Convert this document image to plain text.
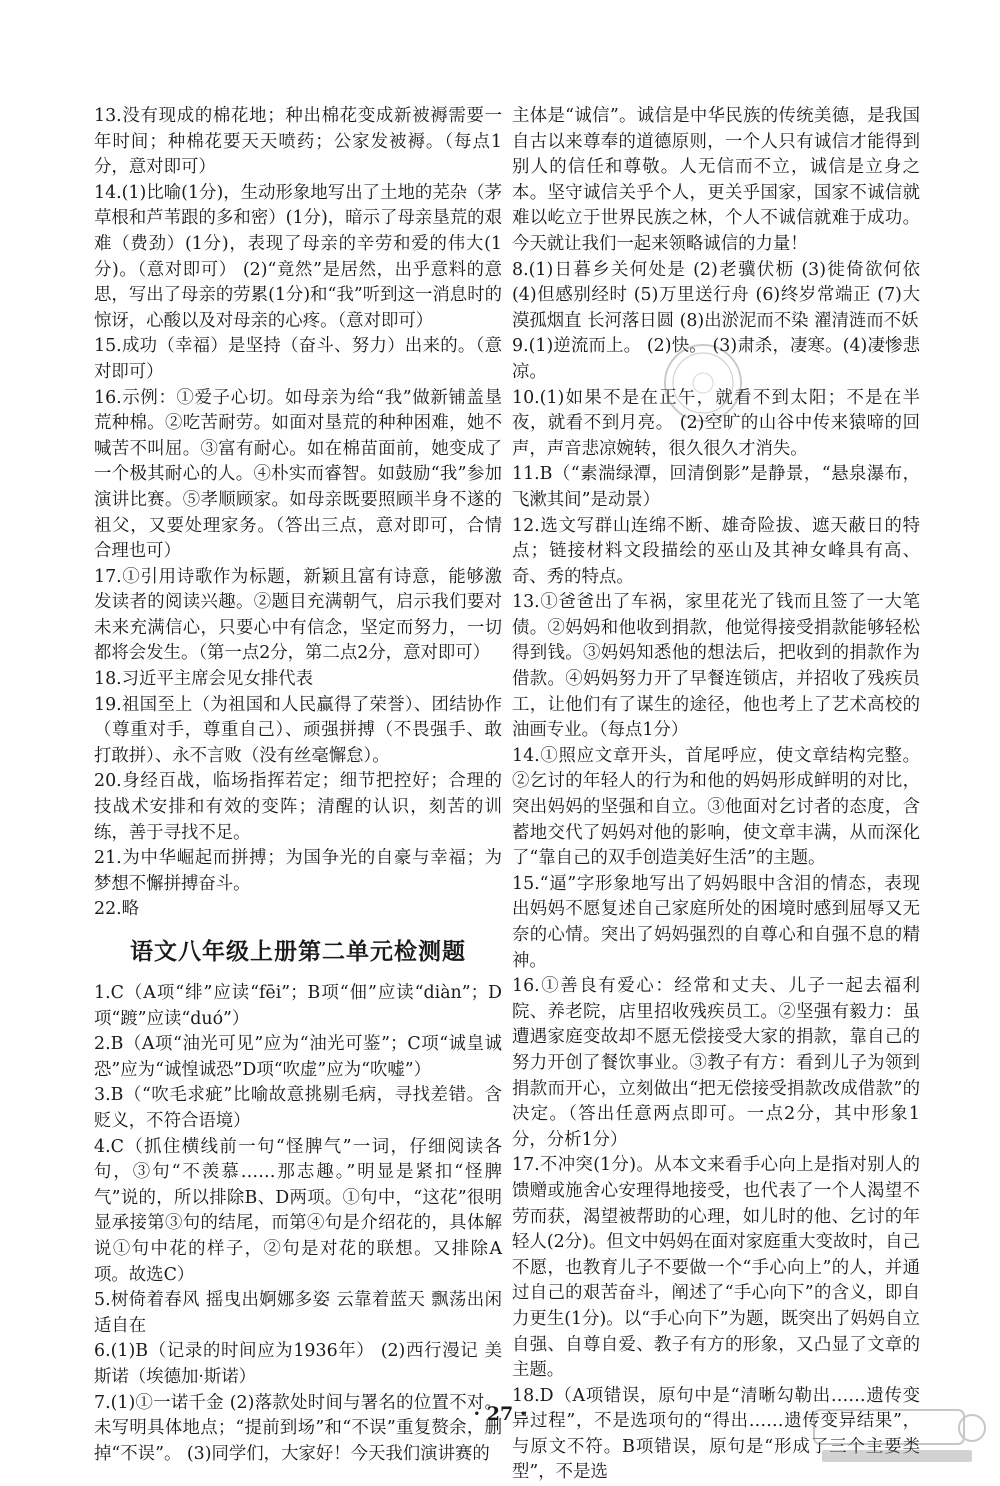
13.没有现成的棉花地；种出棉花变成新被褥需要一年时间；种棉花要天天喷药；公家发被褥。（每点1分，意对即可）

14.(1)比喻(1分)，生动形象地写出了土地的芜杂（茅草根和芦苇跟的多和密）(1分)，暗示了母亲垦荒的艰难（费劲）(1分)，表现了母亲的辛劳和爱的伟大(1分)。（意对即可） (2)“竟然”是居然，出乎意料的意思，写出了母亲的劳累(1分)和“我”听到这一消息时的惊讶，心酸以及对母亲的心疼。（意对即可）

15.成功（幸福）是坚持（奋斗、努力）出来的。（意对即可）

16.示例：①爱子心切。如母亲为给“我”做新铺盖垦荒种棉。②吃苦耐劳。如面对垦荒的种种困难，她不喊苦不叫屈。③富有耐心。如在棉苗面前，她变成了一个极其耐心的人。④朴实而睿智。如鼓励“我”参加演讲比赛。⑤孝顺顾家。如母亲既要照顾半身不遂的祖父，又要处理家务。（答出三点，意对即可，合情合理也可）

17.①引用诗歌作为标题，新颖且富有诗意，能够激发读者的阅读兴趣。②题目充满朝气，启示我们要对未来充满信心，只要心中有信念，坚定而努力，一切都将会发生。（第一点2分，第二点2分，意对即可）

18.习近平主席会见女排代表

19.祖国至上（为祖国和人民赢得了荣誉）、团结协作（尊重对手，尊重自己）、顽强拼搏（不畏强手、敢打敢拼）、永不言败（没有丝毫懈怠）。

20.身经百战，临场指挥若定；细节把控好；合理的技战术安排和有效的变阵；清醒的认识，刻苦的训练，善于寻找不足。

21.为中华崛起而拼搏；为国争光的自豪与幸福；为梦想不懈拼搏奋斗。

22.略

语文八年级上册第二单元检测题

1.C（A项“绯”应读“fēi”；B项“佃”应读“diàn”；D项“踱”应读“duó”）

2.B（A项“油光可见”应为“油光可鉴”；C项“诚皇诚恐”应为“诚惶诚恐”D项“吹虚”应为“吹嘘”）

3.B（“吹毛求疵”比喻故意挑剔毛病，寻找差错。含贬义，不符合语境）

4.C（抓住横线前一句“怪脾气”一词，仔细阅读各句，③句“不羡慕……那志趣。”明显是紧扣“怪脾气”说的，所以排除B、D两项。①句中，“这花”很明显承接第③句的结尾，而第④句是介绍花的，具体解说①句中花的样子，②句是对花的联想。又排除A项。故选C）

5.树倚着春风 摇曳出婀娜多姿 云靠着蓝天 飘荡出闲适自在

6.(1)B（记录的时间应为1936年） (2)西行漫记 美斯诺（埃德加·斯诺）

7.(1)①一诺千金 (2)落款处时间与署名的位置不对。未写明具体地点；“提前到场”和“不误”重复赘余，删掉“不误”。 (3)同学们，大家好！今天我们演讲赛的

主体是“诚信”。诚信是中华民族的传统美德，是我国自古以来尊奉的道德原则，一个人只有诚信才能得到别人的信任和尊敬。人无信而不立，诚信是立身之本。坚守诚信关乎个人，更关乎国家，国家不诚信就难以屹立于世界民族之林，个人不诚信就难于成功。今天就让我们一起来领略诚信的力量！

8.(1)日暮乡关何处是 (2)老骥伏枥 (3)徙倚欲何依 (4)但感别经时 (5)万里送行舟 (6)终岁常端正 (7)大漠孤烟直 长河落日圆 (8)出淤泥而不染 濯清涟而不妖

9.(1)逆流而上。 (2)快。 (3)肃杀，凄寒。(4)凄惨悲凉。

10.(1)如果不是在正午，就看不到太阳；不是在半夜，就看不到月亮。 (2)空旷的山谷中传来猿啼的回声，声音悲凉婉转，很久很久才消失。

11.B（“素湍绿潭，回清倒影”是静景，“悬泉瀑布，飞漱其间”是动景）

12.选文写群山连绵不断、雄奇险拔、遮天蔽日的特点；链接材料文段描绘的巫山及其神女峰具有高、奇、秀的特点。

13.①爸爸出了车祸，家里花光了钱而且签了一大笔债。②妈妈和他收到捐款，他觉得接受捐款能够轻松得到钱。③妈妈知悉他的想法后，把收到的捐款作为借款。④妈妈努力开了早餐连锁店，并招收了残疾员工，让他们有了谋生的途径，他也考上了艺术高校的油画专业。（每点1分）

14.①照应文章开头，首尾呼应，使文章结构完整。②乞讨的年轻人的行为和他的妈妈形成鲜明的对比，突出妈妈的坚强和自立。③他面对乞讨者的态度，含蓄地交代了妈妈对他的影响，使文章丰满，从而深化了“靠自己的双手创造美好生活”的主题。

15.“逼”字形象地写出了妈妈眼中含泪的情态，表现出妈妈不愿复述自己家庭所处的困境时感到屈辱又无奈的心情。突出了妈妈强烈的自尊心和自强不息的精神。

16.①善良有爱心：经常和丈夫、儿子一起去福利院、养老院，店里招收残疾员工。②坚强有毅力：虽遭遇家庭变故却不愿无偿接受大家的捐款，靠自己的努力开创了餐饮事业。③教子有方：看到儿子为领到捐款而开心，立刻做出“把无偿接受捐款改成借款”的决定。（答出任意两点即可。一点2分，其中形象1分，分析1分）

17.不冲突(1分)。从本文来看手心向上是指对别人的馈赠或施舍心安理得地接受，也代表了一个人渴望不劳而获，渴望被帮助的心理，如儿时的他、乞讨的年轻人(2分)。但文中妈妈在面对家庭重大变故时，自己不愿，也教育儿子不要做一个“手心向上”的人，并通过自己的艰苦奋斗，阐述了“手心向下”的含义，即自力更生(1分)。以“手心向下”为题，既突出了妈妈自立自强、自尊自爱、教子有方的形象，又凸显了文章的主题。

18.D（A项错误，原句中是“清晰勾勒出……遗传变异过程”，不是选项句的“得出……遗传变异结果”，与原文不符。B项错误，原句是“形成了三个主要类型”，不是选

· 27 ·
